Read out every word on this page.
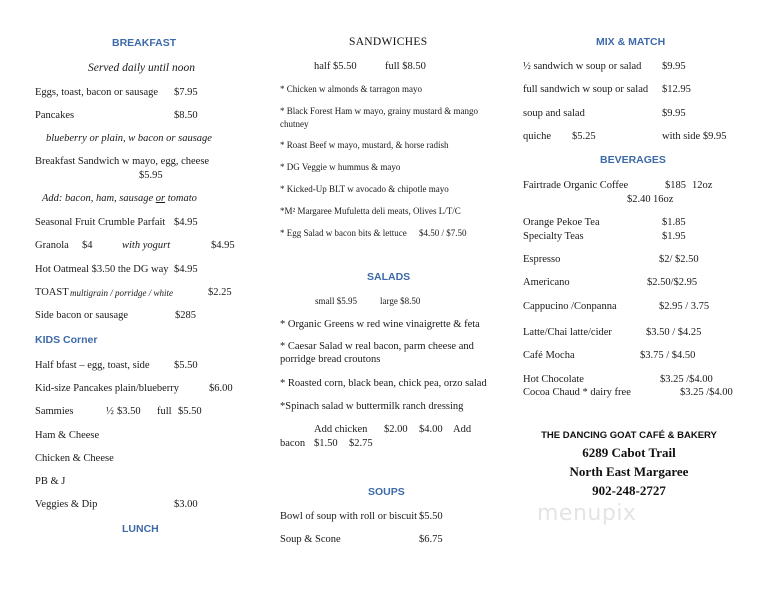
BREAKFAST
Served daily until noon
Eggs, toast, bacon or sausage $7.95
Pancakes	$8.50
blueberry or plain, w bacon or sausage
Breakfast Sandwich w mayo, egg, cheese
$5.95
Add: bacon, ham, sausage or tomato
Seasonal Fruit Crumble Parfait $4.95
Granola $4	with yogurt	$4.95
Hot Oatmeal $3.50 the DG way $4.95
TOAST multigrain / porridge / white	$2.25
Side bacon or sausage	$285
KIDS Corner
Half bfast – egg, toast, side $5.50
Kid-size Pancakes plain/blueberry	$6.00
Sammies	½ $3.50 full $5.50
Ham & Cheese
Chicken & Cheese
PB & J
Veggies & Dip	$3.00
LUNCH
SANDWICHES
half $5.50	full $8.50
* Chicken w almonds & tarragon mayo
* Black Forest Ham w mayo, grainy mustard & mango chutney
* Roast Beef w mayo, mustard, & horse radish
* DG Veggie w hummus & mayo
* Kicked-Up BLT w avocado & chipotle mayo
*M² Margaree Mufuletta deli meats, Olives L/T/C
* Egg Salad w bacon bits & lettuce $4.50 / $7.50
SALADS
small $5.95	large $8.50
* Organic Greens w red wine vinaigrette & feta
* Caesar Salad w real bacon, parm cheese and porridge bread croutons
* Roasted corn, black bean, chick pea, orzo salad
*Spinach salad w buttermilk ranch dressing
Add chicken $2.00 $4.00 Add
bacon $1.50 $2.75
SOUPS
Bowl of soup with roll or biscuit $5.50
Soup & Scone	$6.75
MIX & MATCH
½ sandwich w soup or salad $9.95
full sandwich w soup or salad $12.95
soup and salad	$9.95
quiche $5.25	with side $9.95
BEVERAGES
Fairtrade Organic Coffee	$185 12oz
$2.40 16oz
Orange Pekoe Tea	$1.85
Specialty Teas	$1.95
Espresso	$2/ $2.50
Americano	$2.50/$2.95
Cappucino /Conpanna	$2.95 / 3.75
Latte/Chai latte/cider	$3.50 / $4.25
Café Mocha	$3.75 / $4.50
Hot Chocolate	$3.25 /$4.00
Cocoa Chaud * dairy free	$3.25 /$4.00
THE DANCING GOAT CAFÉ & BAKERY
6289 Cabot Trail
North East Margaree
902-248-2727
menupix
